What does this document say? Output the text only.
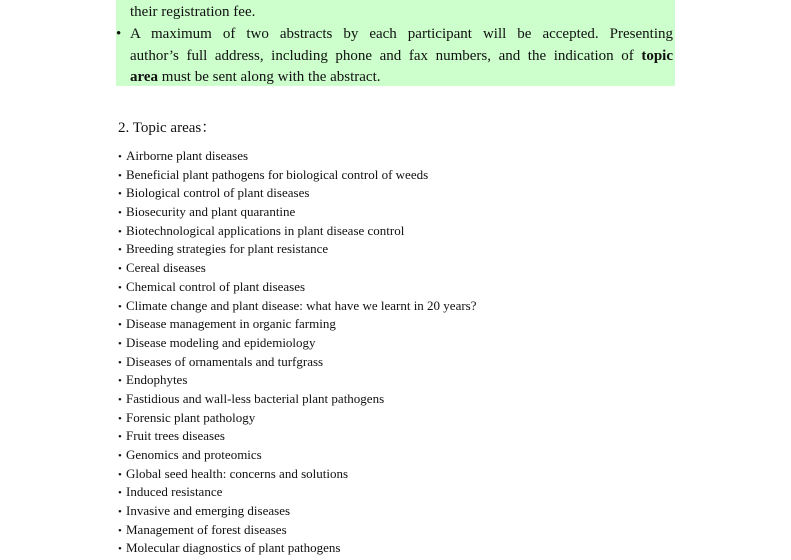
their registration fee.
• A maximum of two abstracts by each participant will be accepted. Presenting
author’s full address, including phone and fax numbers, and the indication of topic
area must be sent along with the abstract.
2. Topic areas：
• Airborne plant diseases
• Beneficial plant pathogens for biological control of weeds
• Biological control of plant diseases
• Biosecurity and plant quarantine
• Biotechnological applications in plant disease control
• Breeding strategies for plant resistance
• Cereal diseases
• Chemical control of plant diseases
• Climate change and plant disease: what have we learnt in 20 years?
• Disease management in organic farming
• Disease modeling and epidemiology
• Diseases of ornamentals and turfgrass
• Endophytes
• Fastidious and wall-less bacterial plant pathogens
• Forensic plant pathology
• Fruit trees diseases
• Genomics and proteomics
• Global seed health: concerns and solutions
• Induced resistance
• Invasive and emerging diseases
• Management of forest diseases
• Molecular diagnostics of plant pathogens
